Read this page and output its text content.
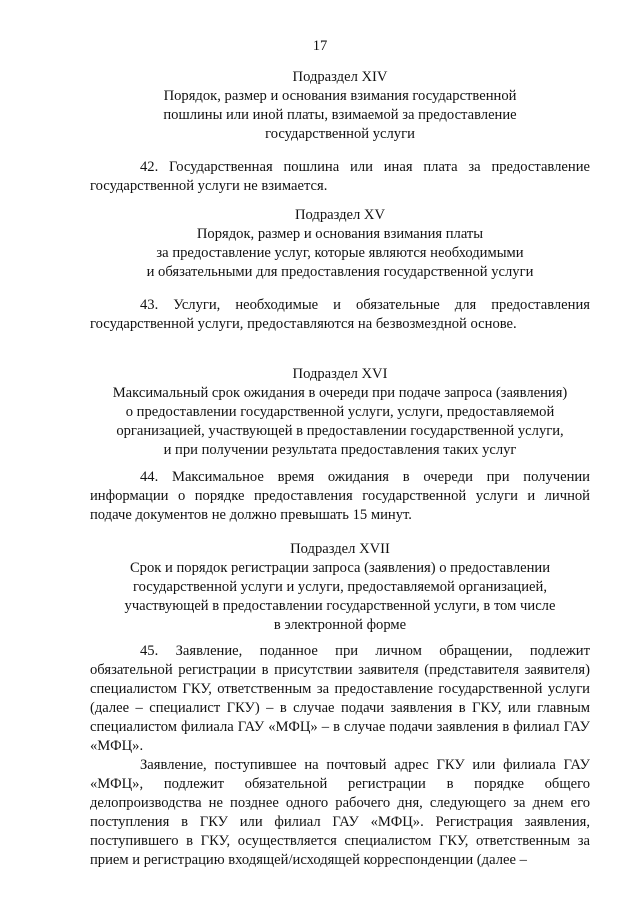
17
Подраздел XIV
Порядок, размер и основания взимания государственной
пошлины или иной платы, взимаемой за предоставление
государственной услуги

42. Государственная пошлина или иная плата за предоставление государственной услуги не взимается.

Подраздел XV
Порядок, размер и основания взимания платы
за предоставление услуг, которые являются необходимыми
и обязательными для предоставления государственной услуги

43. Услуги, необходимые и обязательные для предоставления государственной услуги, предоставляются на безвозмездной основе.

Подраздел XVI
Максимальный срок ожидания в очереди при подаче запроса (заявления)
о предоставлении государственной услуги, услуги, предоставляемой
организацией, участвующей в предоставлении государственной услуги,
и при получении результата предоставления таких услуг

44. Максимальное время ожидания в очереди при получении информации о порядке предоставления государственной услуги и личной подаче документов не должно превышать 15 минут.

Подраздел XVII
Срок и порядок регистрации запроса (заявления) о предоставлении
государственной услуги и услуги, предоставляемой организацией,
участвующей в предоставлении государственной услуги, в том числе
в электронной форме

45. Заявление, поданное при личном обращении, подлежит обязательной регистрации в присутствии заявителя (представителя заявителя) специалистом ГКУ, ответственным за предоставление государственной услуги (далее – специалист ГКУ) – в случае подачи заявления в ГКУ, или главным специалистом филиала ГАУ «МФЦ» – в случае подачи заявления в филиал ГАУ «МФЦ».

Заявление, поступившее на почтовый адрес ГКУ или филиала ГАУ «МФЦ», подлежит обязательной регистрации в порядке общего делопроизводства не позднее одного рабочего дня, следующего за днем его поступления в ГКУ или филиал ГАУ «МФЦ». Регистрация заявления, поступившего в ГКУ, осуществляется специалистом ГКУ, ответственным за прием и регистрацию входящей/исходящей корреспонденции (далее –
